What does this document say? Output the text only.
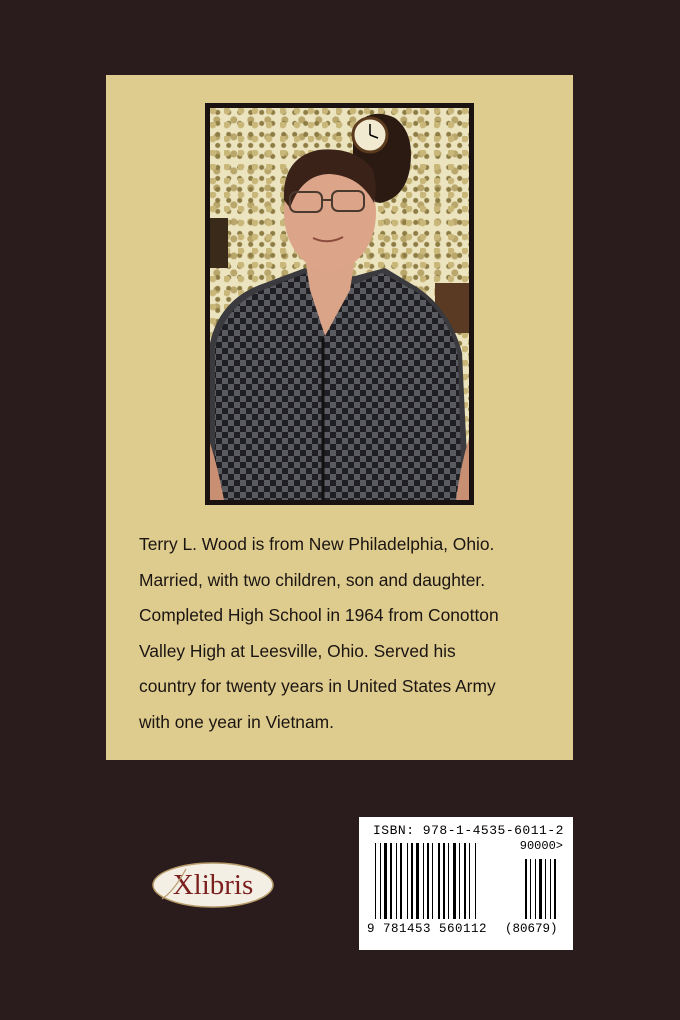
Terry L. Wood is from New Philadelphia, Ohio.
Married, with two children, son and daughter.
Completed High School in 1964 from Conotton
Valley High at Leesville, Ohio. Served his
country for twenty years in United States Army
with one year in Vietnam.
Xlibris
ISBN: 978-1-4535-6011-2
90000>
9 781453 560112 (80679)
